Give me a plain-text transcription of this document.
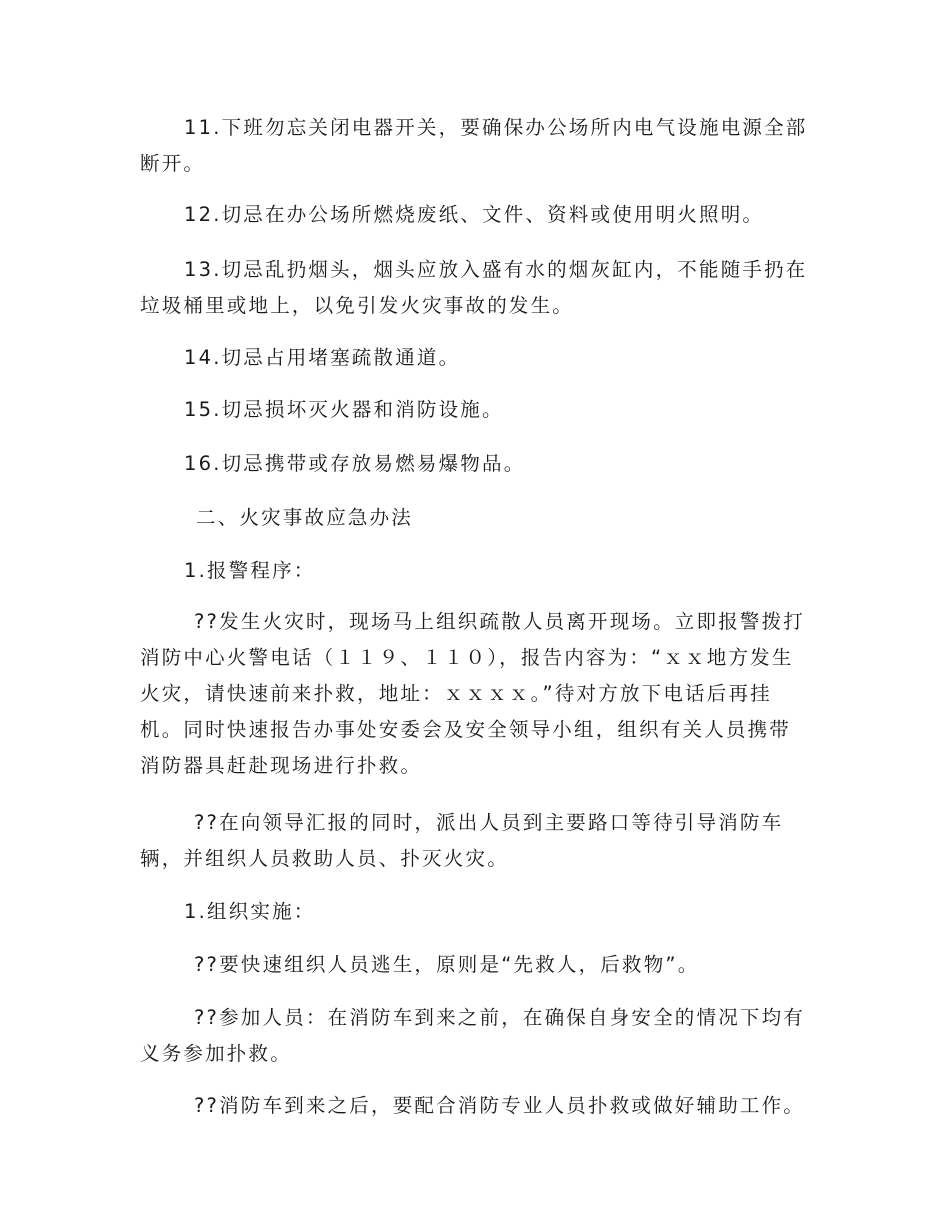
11.下班勿忘关闭电器开关，要确保办公场所内电气设施电源全部断开。

12.切忌在办公场所燃烧废纸、文件、资料或使用明火照明。

13.切忌乱扔烟头，烟头应放入盛有水的烟灰缸内，不能随手扔在垃圾桶里或地上，以免引发火灾事故的发生。

14.切忌占用堵塞疏散通道。

15.切忌损坏灭火器和消防设施。

16.切忌携带或存放易燃易爆物品。

二、火灾事故应急办法

1.报警程序：

??发生火灾时，现场马上组织疏散人员离开现场。立即报警拨打消防中心火警电话（１１９、１１０），报告内容为：“ｘｘ地方发生火灾，请快速前来扑救，地址：ｘｘｘｘ。”待对方放下电话后再挂机。同时快速报告办事处安委会及安全领导小组，组织有关人员携带消防器具赶赴现场进行扑救。

??在向领导汇报的同时，派出人员到主要路口等待引导消防车辆，并组织人员救助人员、扑灭火灾。

1.组织实施：

??要快速组织人员逃生，原则是“先救人，后救物”。

??参加人员：在消防车到来之前，在确保自身安全的情况下均有义务参加扑救。

??消防车到来之后，要配合消防专业人员扑救或做好辅助工作。
